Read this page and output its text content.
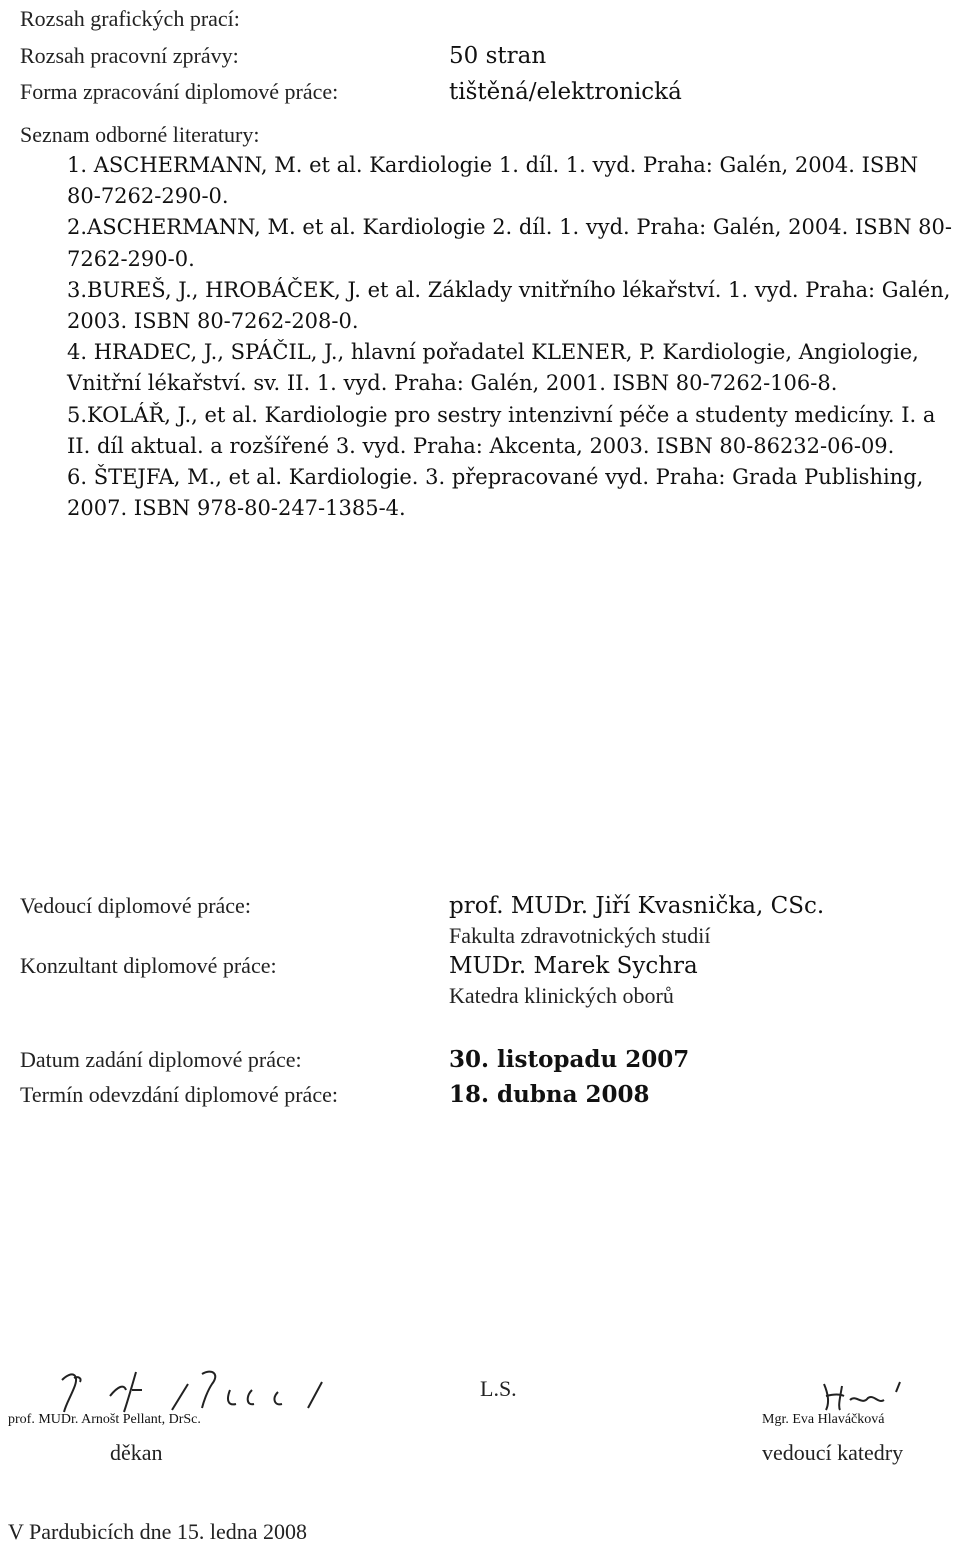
Rozsah grafických prací:
Rozsah pracovní zprávy:	50 stran
Forma zpracování diplomové práce:	tištěná/elektronická
Seznam odborné literatury:
1. ASCHERMANN, M. et al. Kardiologie 1. díl. 1. vyd. Praha: Galén, 2004. ISBN 80-7262-290-0.
2.ASCHERMANN, M. et al. Kardiologie 2. díl. 1. vyd. Praha: Galén, 2004. ISBN 80-7262-290-0.
3.BUREŠ, J., HROBÁČEK, J. et al. Základy vnitřního lékařství. 1. vyd. Praha: Galén, 2003. ISBN 80-7262-208-0.
4. HRADEC, J., SPÁČIL, J., hlavní pořadatel KLENER, P. Kardiologie, Angiologie, Vnitřní lékařství. sv. II. 1. vyd. Praha: Galén, 2001. ISBN 80-7262-106-8.
5.KOLÁŘ, J., et al. Kardiologie pro sestry intenzivní péče a studenty medicíny. I. a II. díl aktual. a rozšířené 3. vyd. Praha: Akcenta, 2003. ISBN 80-86232-06-09.
6. ŠTEJFA, M., et al. Kardiologie. 3. přepracované vyd. Praha: Grada Publishing, 2007. ISBN 978-80-247-1385-4.
Vedoucí diplomové práce:	prof. MUDr. Jiří Kvasnička, CSc.
Fakulta zdravotnických studií
Konzultant diplomové práce:	MUDr. Marek Sychra
Katedra klinických oborů
Datum zadání diplomové práce:	30. listopadu 2007
Termín odevzdání diplomové práce:	18. dubna 2008
prof. MUDr. Arnošt Pellant, DrSc.
děkan
L.S.
Mgr. Eva Hlaváčková
vedoucí katedry
V Pardubicích dne 15. ledna 2008
